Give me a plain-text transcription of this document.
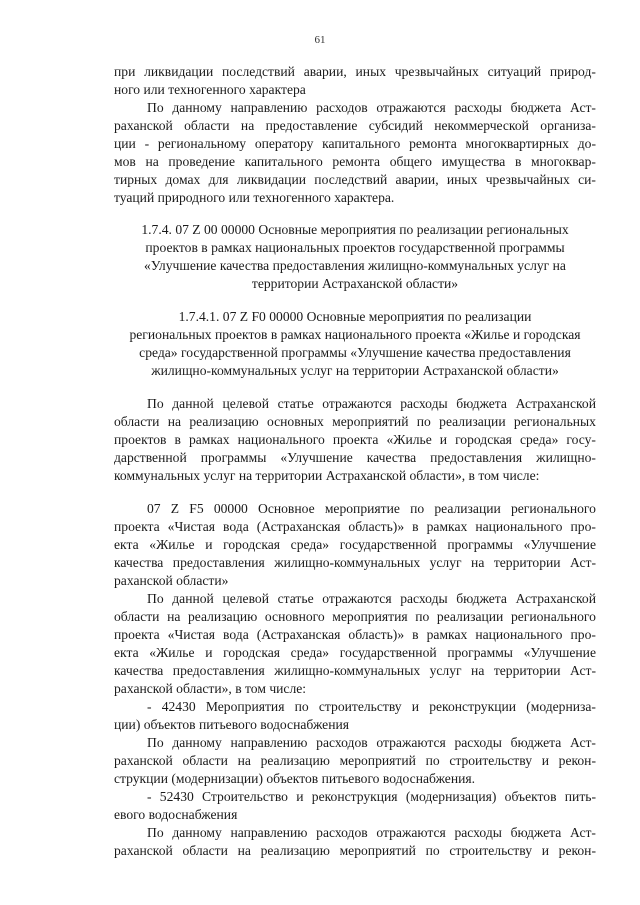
61
при ликвидации последствий аварии, иных чрезвычайных ситуаций природ-
ного или техногенного характера
По данному направлению расходов отражаются расходы бюджета Аст-
раханской области на предоставление субсидий некоммерческой организа-
ции - региональному оператору капитального ремонта многоквартирных до-
мов на проведение капитального ремонта общего имущества в многоквар-
тирных домах для ликвидации последствий аварии, иных чрезвычайных си-
туаций природного или техногенного характера.
1.7.4. 07 Z 00 00000 Основные мероприятия по реализации региональных
проектов в рамках национальных проектов государственной программы
«Улучшение качества предоставления жилищно-коммунальных услуг на
территории Астраханской области»
1.7.4.1. 07 Z F0 00000 Основные мероприятия по реализации
региональных проектов в рамках национального проекта «Жилье и городская
среда» государственной программы «Улучшение качества предоставления
жилищно-коммунальных услуг на территории Астраханской области»
По данной целевой статье отражаются расходы бюджета Астраханской
области на реализацию основных мероприятий по реализации региональных
проектов в рамках национального проекта «Жилье и городская среда» госу-
дарственной программы «Улучшение качества предоставления жилищно-
коммунальных услуг на территории Астраханской области», в том числе:
07 Z F5 00000 Основное мероприятие по реализации регионального
проекта «Чистая вода (Астраханская область)» в рамках национального про-
екта «Жилье и городская среда» государственной программы «Улучшение
качества предоставления жилищно-коммунальных услуг на территории Аст-
раханской области»
По данной целевой статье отражаются расходы бюджета Астраханской
области на реализацию основного мероприятия по реализации регионального
проекта «Чистая вода (Астраханская область)» в рамках национального про-
екта «Жилье и городская среда» государственной программы «Улучшение
качества предоставления жилищно-коммунальных услуг на территории Аст-
раханской области», в том числе:
- 42430 Мероприятия по строительству и реконструкции (модерниза-
ции) объектов питьевого водоснабжения
По данному направлению расходов отражаются расходы бюджета Аст-
раханской области на реализацию мероприятий по строительству и рекон-
струкции (модернизации) объектов питьевого водоснабжения.
- 52430 Строительство и реконструкция (модернизация) объектов пить-
евого водоснабжения
По данному направлению расходов отражаются расходы бюджета Аст-
раханской области на реализацию мероприятий по строительству и рекон-
